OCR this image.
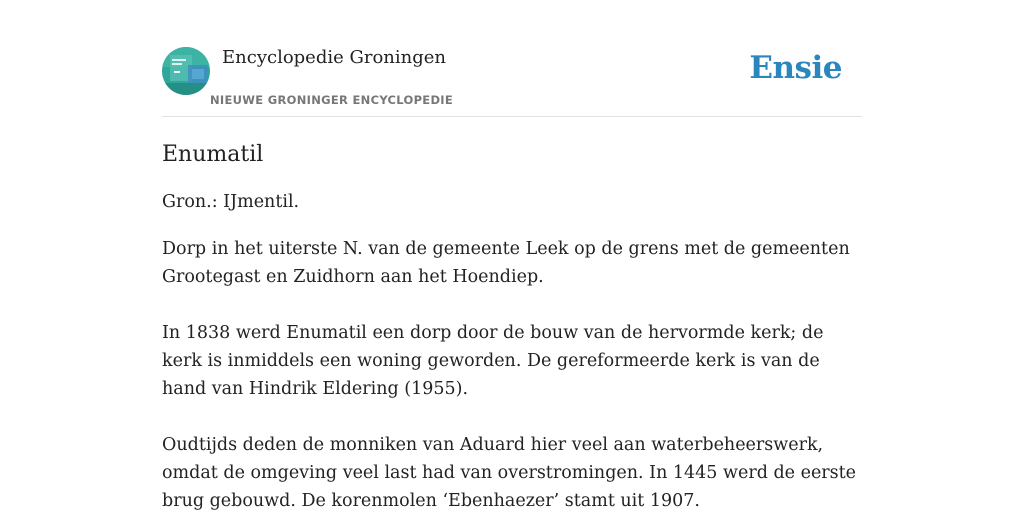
Encyclopedie Groningen
NIEUWE GRONINGER ENCYCLOPEDIE
Ensie
Enumatil

Gron.: IJmentil.

Dorp in het uiterste N. van de gemeente Leek op de grens met de gemeenten Grootegast en Zuidhorn aan het Hoendiep.

In 1838 werd Enumatil een dorp door de bouw van de hervormde kerk; de kerk is inmiddels een woning geworden. De gereformeerde kerk is van de hand van Hindrik Eldering (1955).

Oudtijds deden de monniken van Aduard hier veel aan waterbeheerswerk, omdat de omgeving veel last had van overstromingen. In 1445 werd de eerste brug gebouwd. De korenmolen ‘Ebenhaezer’ stamt uit 1907.
